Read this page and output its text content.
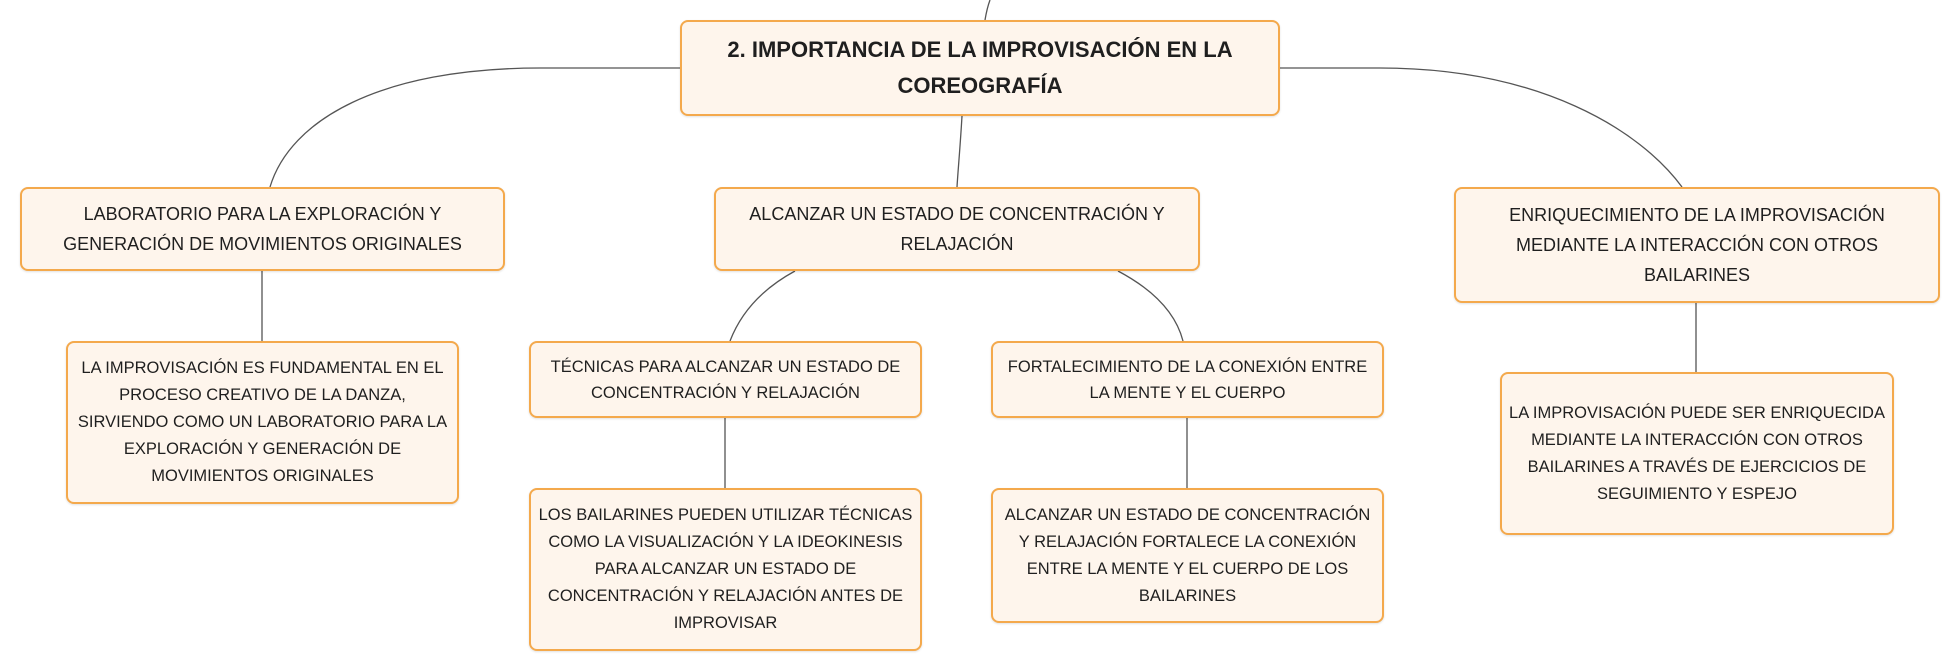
2. IMPORTANCIA DE LA IMPROVISACIÓN EN LA COREOGRAFÍA
LABORATORIO PARA LA EXPLORACIÓN Y GENERACIÓN DE MOVIMIENTOS ORIGINALES
ALCANZAR UN ESTADO DE CONCENTRACIÓN Y RELAJACIÓN
ENRIQUECIMIENTO DE LA IMPROVISACIÓN MEDIANTE LA INTERACCIÓN CON OTROS BAILARINES
LA IMPROVISACIÓN ES FUNDAMENTAL EN EL PROCESO CREATIVO DE LA DANZA, SIRVIENDO COMO UN LABORATORIO PARA LA EXPLORACIÓN Y GENERACIÓN DE MOVIMIENTOS ORIGINALES
TÉCNICAS PARA ALCANZAR UN ESTADO DE CONCENTRACIÓN Y RELAJACIÓN
FORTALECIMIENTO DE LA CONEXIÓN ENTRE LA MENTE Y EL CUERPO
LOS BAILARINES PUEDEN UTILIZAR TÉCNICAS COMO LA VISUALIZACIÓN Y LA IDEOKINESIS PARA ALCANZAR UN ESTADO DE CONCENTRACIÓN Y RELAJACIÓN ANTES DE IMPROVISAR
ALCANZAR UN ESTADO DE CONCENTRACIÓN Y RELAJACIÓN FORTALECE LA CONEXIÓN ENTRE LA MENTE Y EL CUERPO DE LOS BAILARINES
LA IMPROVISACIÓN PUEDE SER ENRIQUECIDA MEDIANTE LA INTERACCIÓN CON OTROS BAILARINES A TRAVÉS DE EJERCICIOS DE SEGUIMIENTO Y ESPEJO
